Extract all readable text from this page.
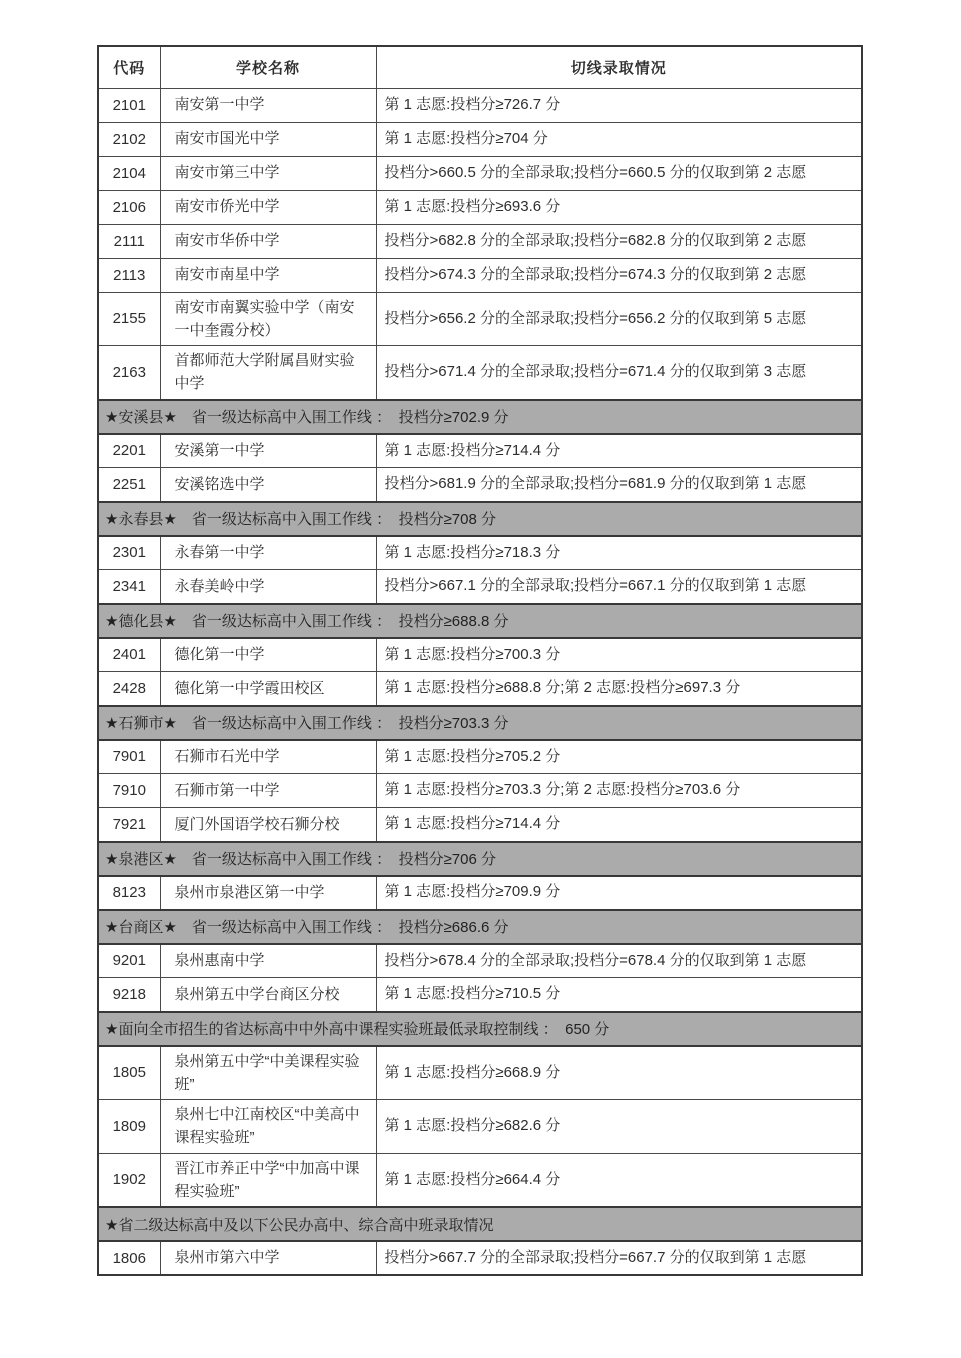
代码	学校名称	切线录取情况
2101	南安第一中学	第 1 志愿:投档分≥726.7 分
2102	南安市国光中学	第 1 志愿:投档分≥704 分
2104	南安市第三中学	投档分>660.5 分的全部录取;投档分=660.5 分的仅取到第 2 志愿
2106	南安市侨光中学	第 1 志愿:投档分≥693.6 分
2111	南安市华侨中学	投档分>682.8 分的全部录取;投档分=682.8 分的仅取到第 2 志愿
2113	南安市南星中学	投档分>674.3 分的全部录取;投档分=674.3 分的仅取到第 2 志愿
2155	南安市南翼实验中学（南安一中奎霞分校）	投档分>656.2 分的全部录取;投档分=656.2 分的仅取到第 5 志愿
2163	首都师范大学附属昌财实验中学	投档分>671.4 分的全部录取;投档分=671.4 分的仅取到第 3 志愿
★安溪县★　省一级达标高中入围工作线 ：　投档分≥702.9 分		
2201	安溪第一中学	第 1 志愿:投档分≥714.4 分
2251	安溪铭选中学	投档分>681.9 分的全部录取;投档分=681.9 分的仅取到第 1 志愿
★永春县★　省一级达标高中入围工作线 ：　投档分≥708 分		
2301	永春第一中学	第 1 志愿:投档分≥718.3 分
2341	永春美岭中学	投档分>667.1 分的全部录取;投档分=667.1 分的仅取到第 1 志愿
★德化县★　省一级达标高中入围工作线 ：　投档分≥688.8 分		
2401	德化第一中学	第 1 志愿:投档分≥700.3 分
2428	德化第一中学霞田校区	第 1 志愿:投档分≥688.8 分;第 2 志愿:投档分≥697.3 分
★石狮市★　省一级达标高中入围工作线 ：　投档分≥703.3 分		
7901	石狮市石光中学	第 1 志愿:投档分≥705.2 分
7910	石狮市第一中学	第 1 志愿:投档分≥703.3 分;第 2 志愿:投档分≥703.6 分
7921	厦门外国语学校石狮分校	第 1 志愿:投档分≥714.4 分
★泉港区★　省一级达标高中入围工作线 ：　投档分≥706 分		
8123	泉州市泉港区第一中学	第 1 志愿:投档分≥709.9 分
★台商区★　省一级达标高中入围工作线 ：　投档分≥686.6 分		
9201	泉州惠南中学	投档分>678.4 分的全部录取;投档分=678.4 分的仅取到第 1 志愿
9218	泉州第五中学台商区分校	第 1 志愿:投档分≥710.5 分
★面向全市招生的省达标高中中外高中课程实验班最低录取控制线 ：　650 分		
1805	泉州第五中学“中美课程实验班”	第 1 志愿:投档分≥668.9 分
1809	泉州七中江南校区“中美高中课程实验班”	第 1 志愿:投档分≥682.6 分
1902	晋江市养正中学“中加高中课程实验班”	第 1 志愿:投档分≥664.4 分
★省二级达标高中及以下公民办高中、综合高中班录取情况		
1806	泉州市第六中学	投档分>667.7 分的全部录取;投档分=667.7 分的仅取到第 1 志愿
